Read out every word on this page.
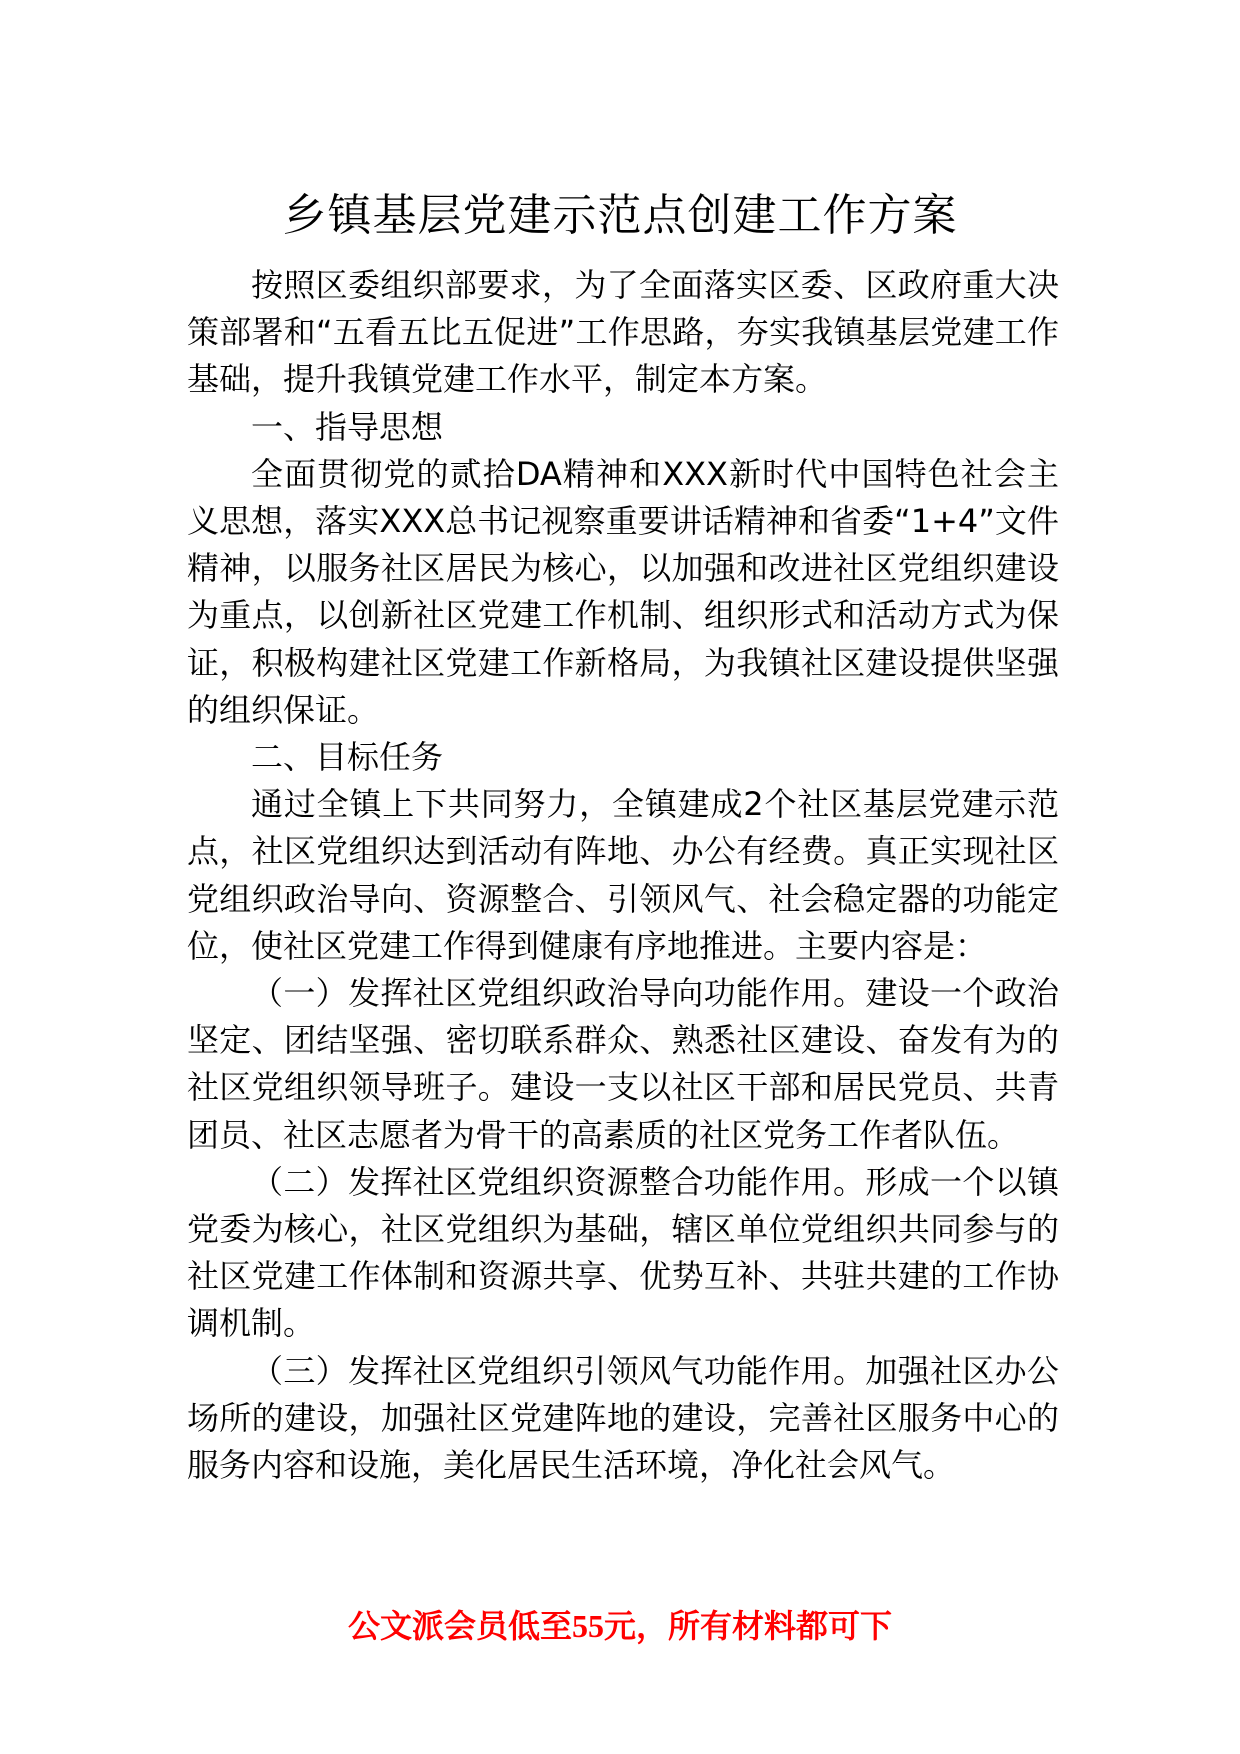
乡镇基层党建示范点创建工作方案

按照区委组织部要求，为了全面落实区委、区政府重大决策部署和“五看五比五促进”工作思路，夯实我镇基层党建工作基础，提升我镇党建工作水平，制定本方案。

一、指导思想

全面贯彻党的贰拾DA精神和XXX新时代中国特色社会主义思想，落实XXX总书记视察重要讲话精神和省委“1+4”文件精神，以服务社区居民为核心，以加强和改进社区党组织建设为重点，以创新社区党建工作机制、组织形式和活动方式为保证，积极构建社区党建工作新格局，为我镇社区建设提供坚强的组织保证。

二、目标任务

通过全镇上下共同努力，全镇建成2个社区基层党建示范点，社区党组织达到活动有阵地、办公有经费。真正实现社区党组织政治导向、资源整合、引领风气、社会稳定器的功能定位，使社区党建工作得到健康有序地推进。主要内容是：

（一）发挥社区党组织政治导向功能作用。建设一个政治坚定、团结坚强、密切联系群众、熟悉社区建设、奋发有为的社区党组织领导班子。建设一支以社区干部和居民党员、共青团员、社区志愿者为骨干的高素质的社区党务工作者队伍。

（二）发挥社区党组织资源整合功能作用。形成一个以镇党委为核心，社区党组织为基础，辖区单位党组织共同参与的社区党建工作体制和资源共享、优势互补、共驻共建的工作协调机制。

（三）发挥社区党组织引领风气功能作用。加强社区办公场所的建设，加强社区党建阵地的建设，完善社区服务中心的服务内容和设施，美化居民生活环境，净化社会风气。

公文派会员低至55元，所有材料都可下
